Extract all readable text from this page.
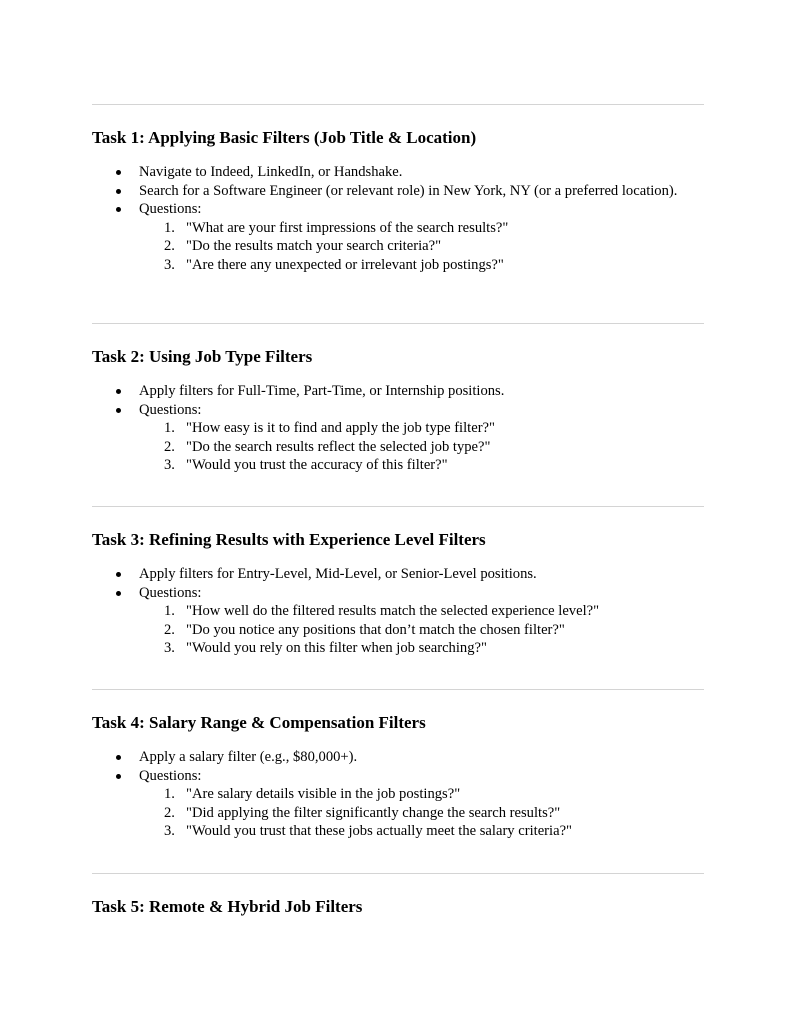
Task 1: Applying Basic Filters (Job Title & Location)
Navigate to Indeed, LinkedIn, or Handshake.
Search for a Software Engineer (or relevant role) in New York, NY (or a preferred location).
Questions:
1. "What are your first impressions of the search results?"
2. "Do the results match your search criteria?"
3. "Are there any unexpected or irrelevant job postings?"
Task 2: Using Job Type Filters
Apply filters for Full-Time, Part-Time, or Internship positions.
Questions:
1. "How easy is it to find and apply the job type filter?"
2. "Do the search results reflect the selected job type?"
3. "Would you trust the accuracy of this filter?"
Task 3: Refining Results with Experience Level Filters
Apply filters for Entry-Level, Mid-Level, or Senior-Level positions.
Questions:
1. "How well do the filtered results match the selected experience level?"
2. "Do you notice any positions that don’t match the chosen filter?"
3. "Would you rely on this filter when job searching?"
Task 4: Salary Range & Compensation Filters
Apply a salary filter (e.g., $80,000+).
Questions:
1. "Are salary details visible in the job postings?"
2. "Did applying the filter significantly change the search results?"
3. "Would you trust that these jobs actually meet the salary criteria?"
Task 5: Remote & Hybrid Job Filters
